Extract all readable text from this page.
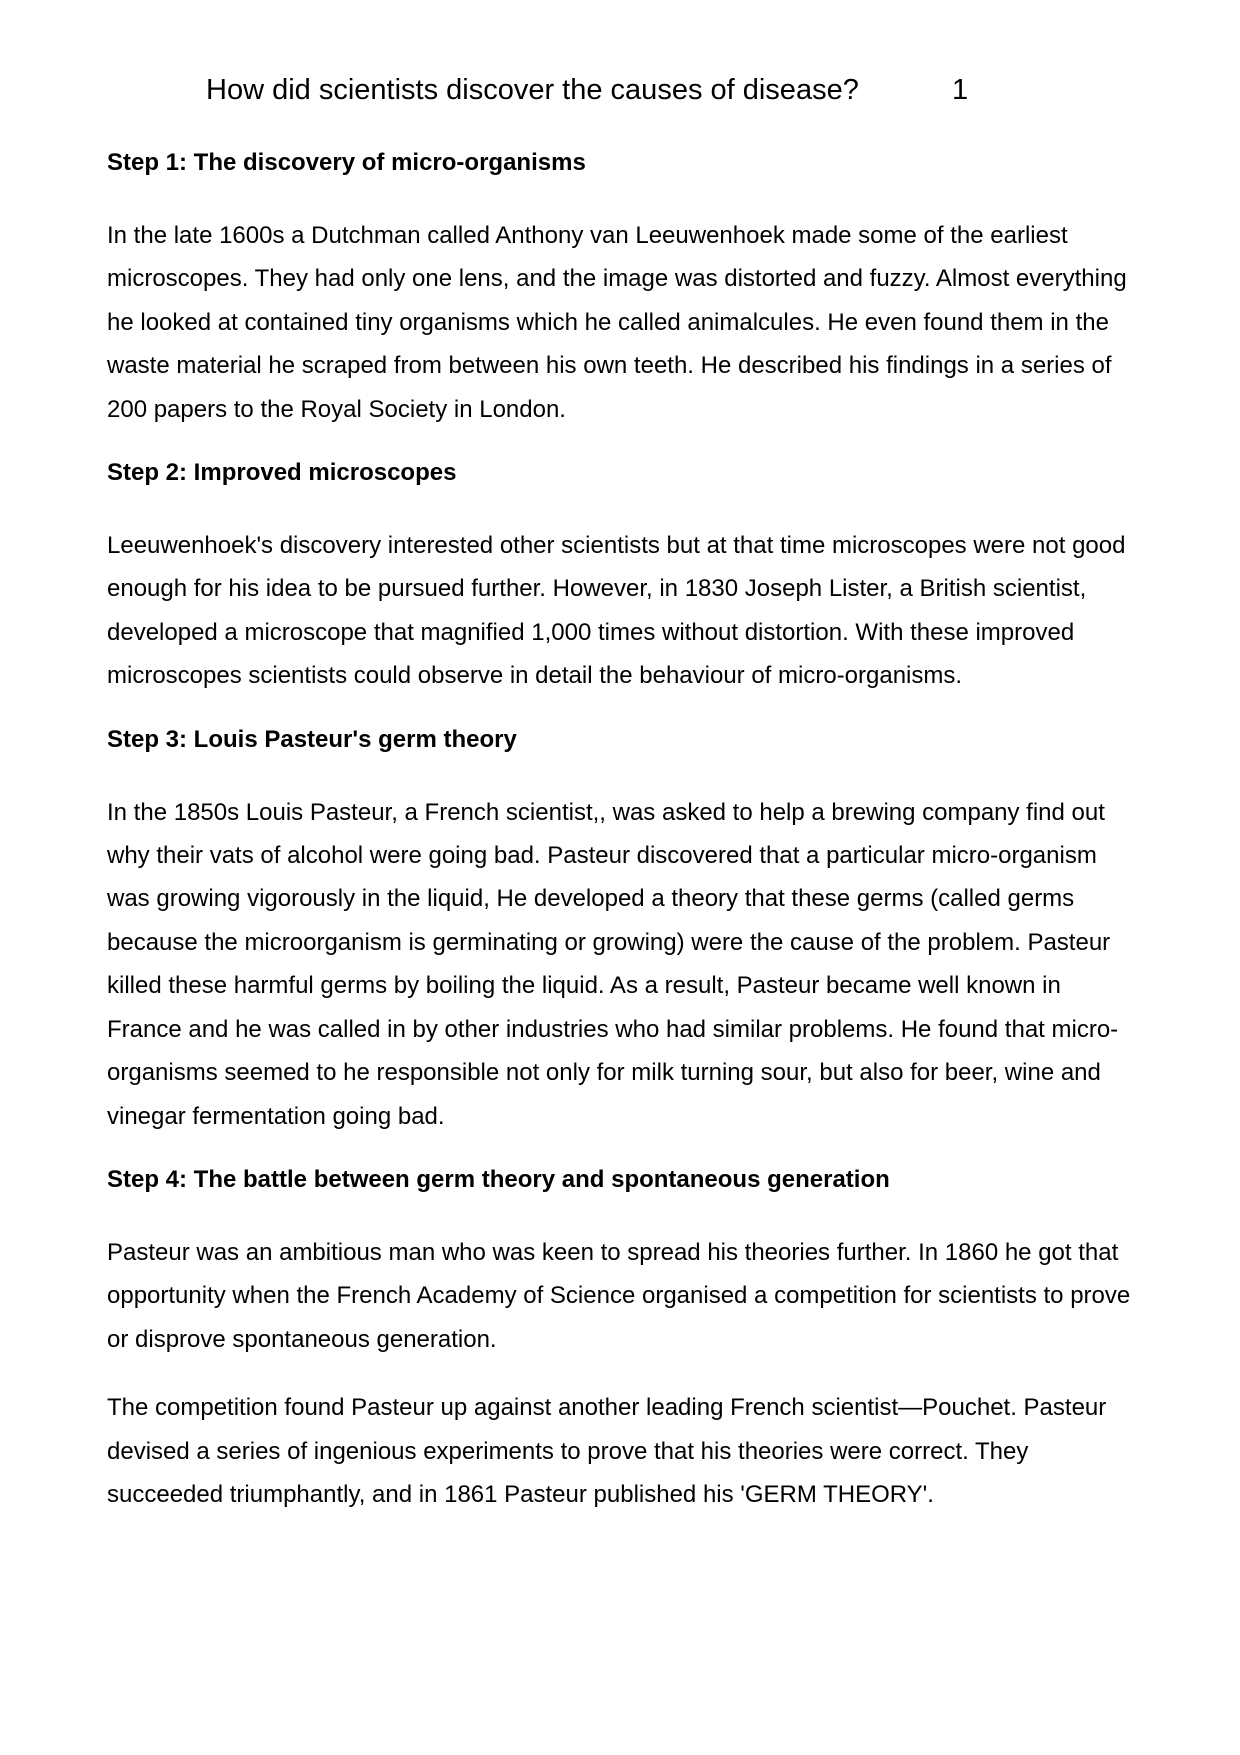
How did scientists discover the causes of disease?	1
Step 1: The discovery of micro-organisms

In the late 1600s a Dutchman called Anthony van Leeuwenhoek made some of the earliest microscopes. They had only one lens, and the image was distorted and fuzzy. Almost everything he looked at contained tiny organisms which he called animalcules. He even found them in the waste material he scraped from between his own teeth. He described his findings in a series of 200 papers to the Royal Society in London.

Step 2: Improved microscopes

Leeuwenhoek's discovery interested other scientists but at that time microscopes were not good enough for his idea to be pursued further. However, in 1830 Joseph Lister, a British scientist, developed a microscope that magnified 1,000 times without distortion. With these improved microscopes scientists could observe in detail the behaviour of micro-organisms.

Step 3: Louis Pasteur's germ theory

In the 1850s Louis Pasteur, a French scientist,, was asked to help a brewing company find out why their vats of alcohol were going bad. Pasteur discovered that a particular micro-organism was growing vigorously in the liquid, He developed a theory that these germs (called germs because the microorganism is germinating or growing) were the cause of the problem. Pasteur killed these harmful germs by boiling the liquid. As a result, Pasteur became well known in France and he was called in by other industries who had similar problems. He found that micro-organisms seemed to he responsible not only for milk turning sour, but also for beer, wine and vinegar fermentation going bad.

Step 4: The battle between germ theory and spontaneous generation

Pasteur was an ambitious man who was keen to spread his theories further. In 1860 he got that opportunity when the French Academy of Science organised a competition for scientists to prove or disprove spontaneous generation.

The competition found Pasteur up against another leading French scientist—Pouchet. Pasteur devised a series of ingenious experiments to prove that his theories were correct. They succeeded triumphantly, and in 1861 Pasteur published his 'GERM THEORY'.
